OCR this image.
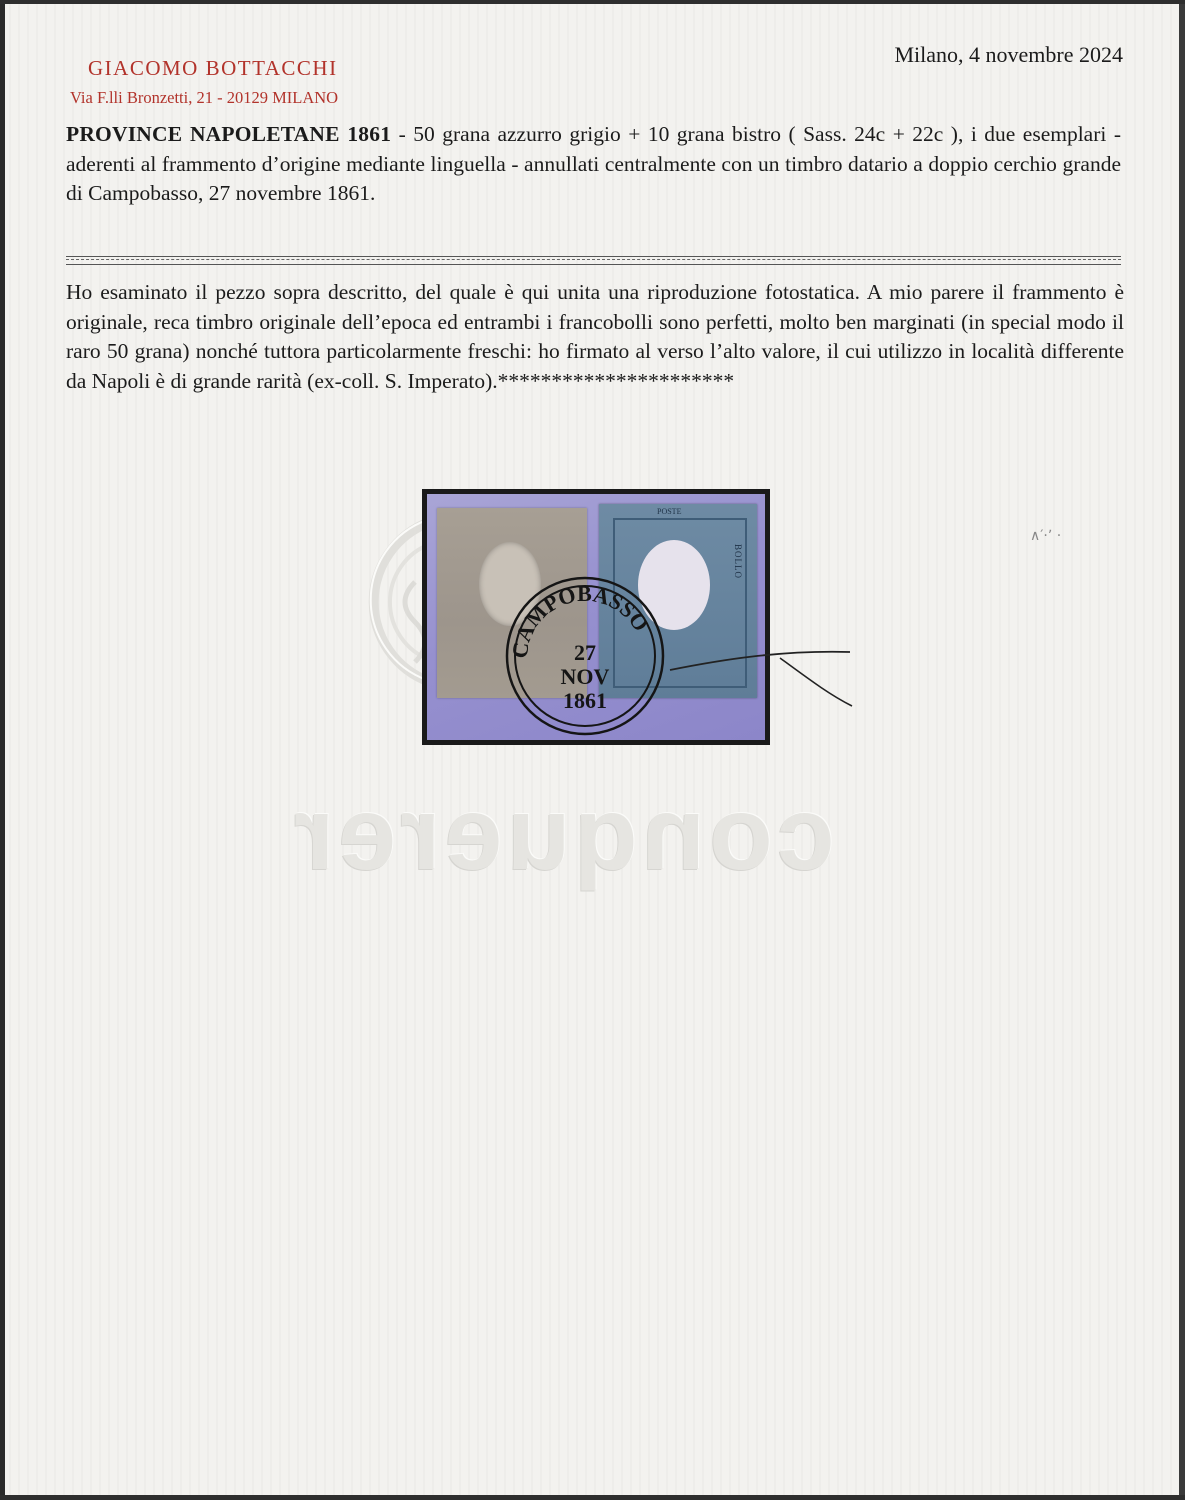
GIACOMO BOTTACCHI
Via F.lli Bronzetti, 21 - 20129 MILANO
Milano, 4 novembre 2024
PROVINCE NAPOLETANE 1861 - 50 grana azzurro grigio + 10 grana bistro ( Sass. 24c + 22c ), i due esemplari - aderenti al frammento d’origine mediante linguella - annullati centralmente con un timbro datario a doppio cerchio grande di Campobasso, 27 novembre 1861.
Ho esaminato il pezzo sopra descritto, del quale è qui unita una riproduzione fotostatica. A mio parere il frammento è originale, reca timbro originale dell’epoca ed entrambi i francobolli sono perfetti, molto ben marginati (in special modo il raro 50 grana) nonché tuttora particolarmente freschi: ho firmato al verso l’alto valore, il cui utilizzo in località differente da Napoli è di grande rarità (ex-coll. S. Imperato).**********************
POSTE
BOLLO
CAMPOBASSO
27
NOV
1861
∧′·ʼ ·
conquerer
